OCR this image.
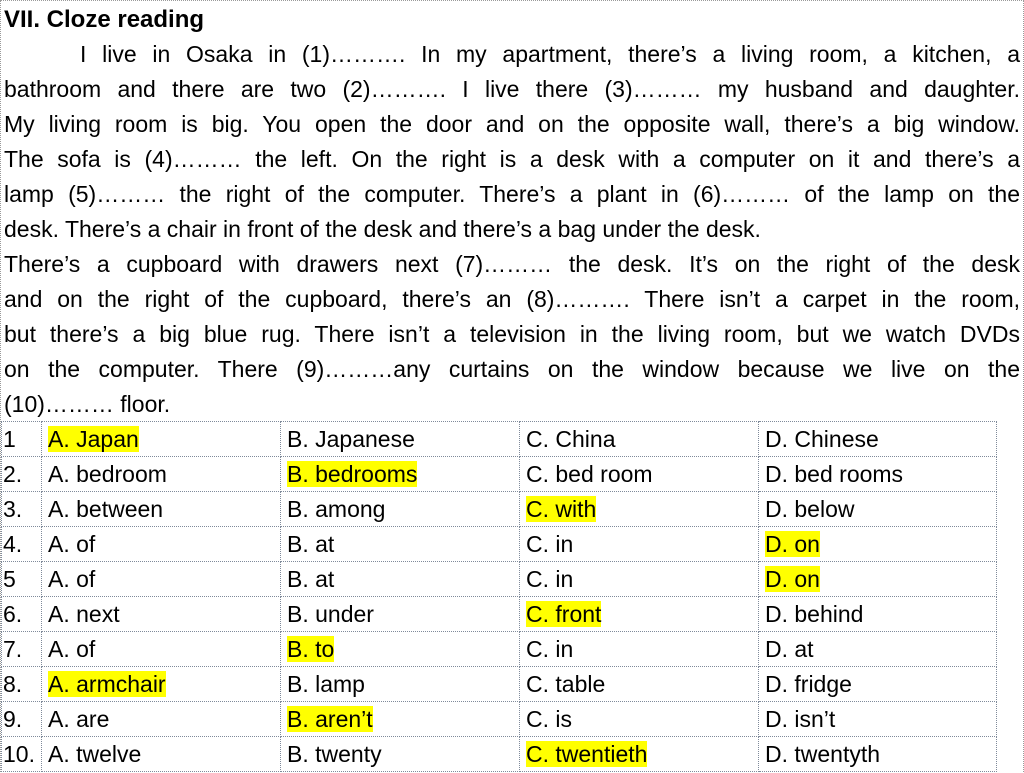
VII. Cloze reading
I live in Osaka in (1)………. In my apartment, there’s a living room, a kitchen, a
bathroom and there are two (2)………. I live there (3)……… my husband and daughter.
My living room is big. You open the door and on the opposite wall, there’s a big window.
The sofa is (4)……… the left. On the right is a desk with a computer on it and there’s a
lamp (5)……… the right of the computer. There’s a plant in (6)……… of the lamp on the
desk. There’s a chair in front of the desk and there’s a bag under the desk.
There’s a cupboard with drawers next (7)……… the desk. It’s on the right of the desk
and on the right of the cupboard, there’s an (8)………. There isn’t a carpet in the room,
but there’s a big blue rug. There isn’t a television in the living room, but we watch DVDs
on the computer. There (9)………any curtains on the window because we live on the
(10)……… floor.
1	A. Japan	B. Japanese	C. China	D. Chinese
2.	A. bedroom	B. bedrooms	C. bed room	D. bed rooms
3.	A. between	B. among	C. with	D. below
4.	A. of	B. at	C. in	D. on
5	A. of	B. at	C. in	D. on
6.	A. next	B. under	C. front	D. behind
7.	A. of	B. to	C. in	D. at
8.	A. armchair	B. lamp	C. table	D. fridge
9.	A. are	B. aren’t	C. is	D. isn’t
10.	A. twelve	B. twenty	C. twentieth	D. twentyth
